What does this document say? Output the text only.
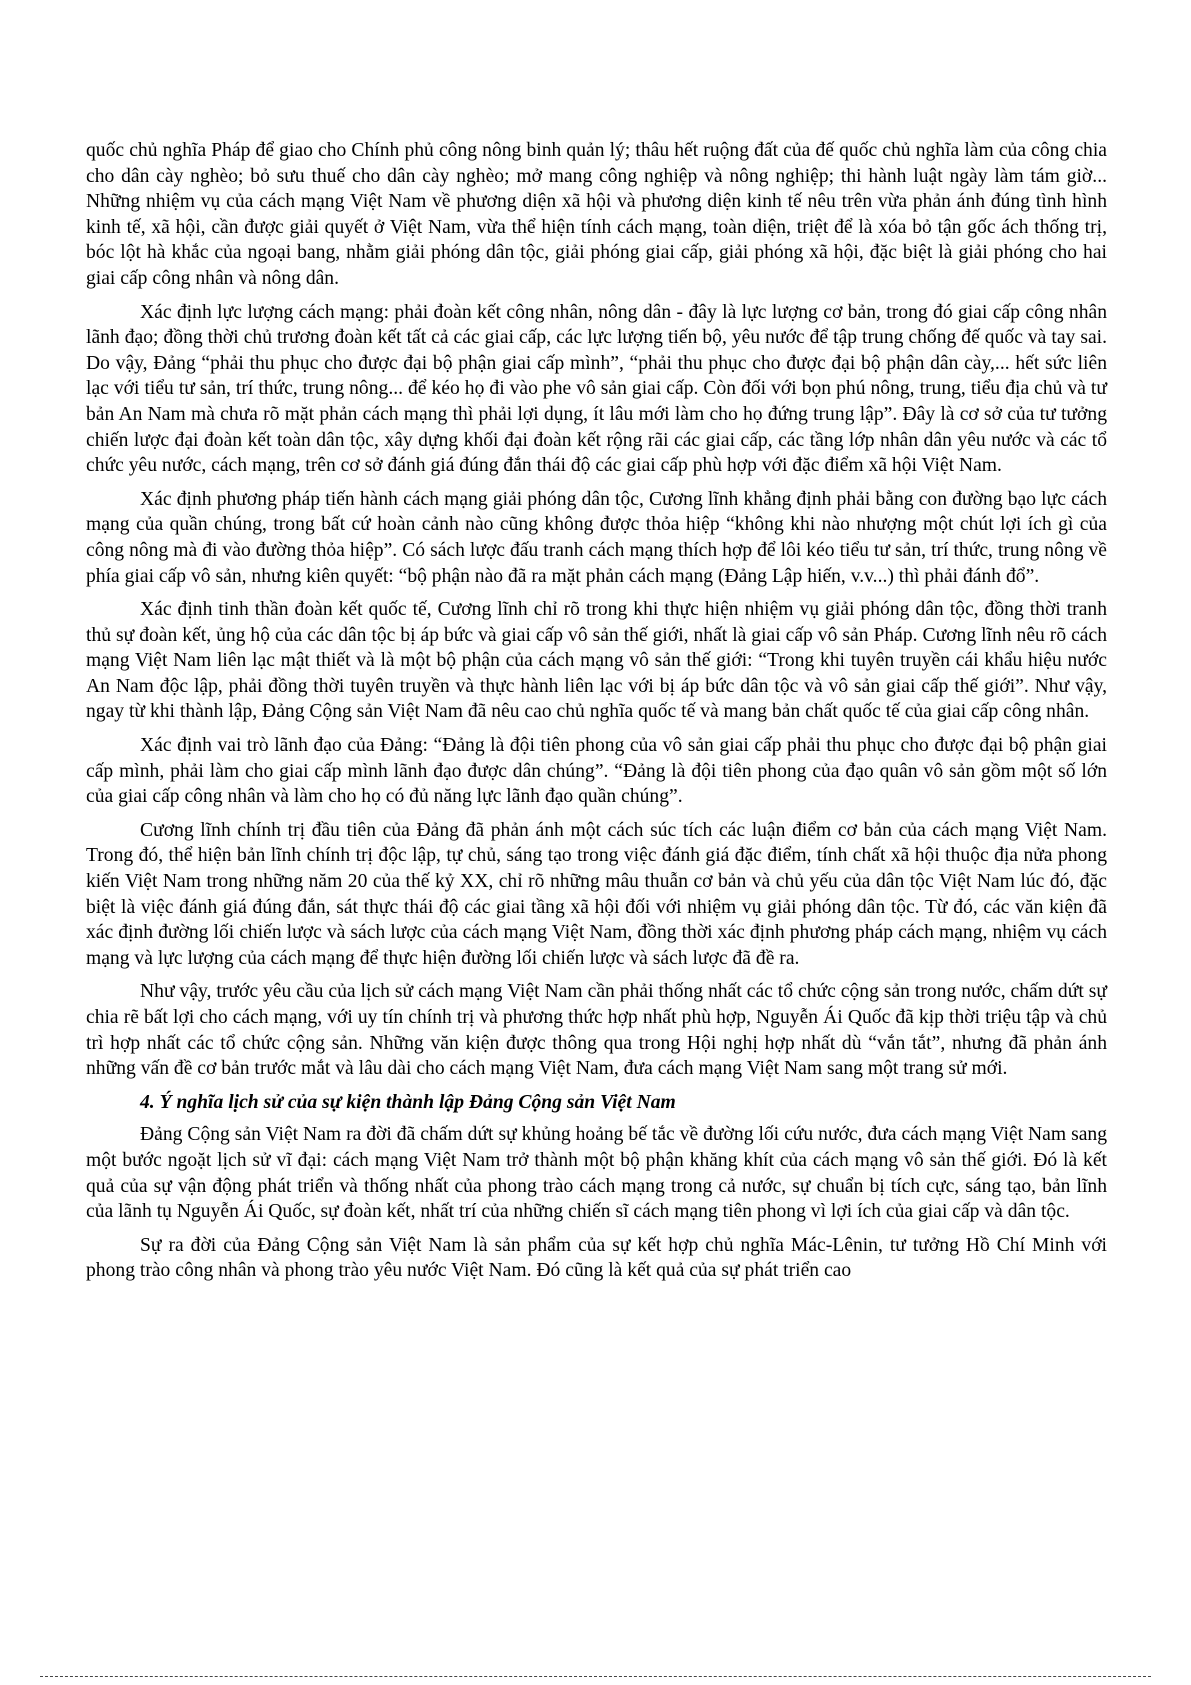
quốc chủ nghĩa Pháp để giao cho Chính phủ công nông binh quản lý; thâu hết ruộng đất của đế quốc chủ nghĩa làm của công chia cho dân cày nghèo; bỏ sưu thuế cho dân cày nghèo; mở mang công nghiệp và nông nghiệp; thi hành luật ngày làm tám giờ... Những nhiệm vụ của cách mạng Việt Nam về phương diện xã hội và phương diện kinh tế nêu trên vừa phản ánh đúng tình hình kinh tế, xã hội, cần được giải quyết ở Việt Nam, vừa thể hiện tính cách mạng, toàn diện, triệt để là xóa bỏ tận gốc ách thống trị, bóc lột hà khắc của ngoại bang, nhằm giải phóng dân tộc, giải phóng giai cấp, giải phóng xã hội, đặc biệt là giải phóng cho hai giai cấp công nhân và nông dân.

Xác định lực lượng cách mạng: phải đoàn kết công nhân, nông dân - đây là lực lượng cơ bản, trong đó giai cấp công nhân lãnh đạo; đồng thời chủ trương đoàn kết tất cả các giai cấp, các lực lượng tiến bộ, yêu nước để tập trung chống đế quốc và tay sai. Do vậy, Đảng “phải thu phục cho được đại bộ phận giai cấp mình”, “phải thu phục cho được đại bộ phận dân cày,... hết sức liên lạc với tiểu tư sản, trí thức, trung nông... để kéo họ đi vào phe vô sản giai cấp. Còn đối với bọn phú nông, trung, tiểu địa chủ và tư bản An Nam mà chưa rõ mặt phản cách mạng thì phải lợi dụng, ít lâu mới làm cho họ đứng trung lập”. Đây là cơ sở của tư tưởng chiến lược đại đoàn kết toàn dân tộc, xây dựng khối đại đoàn kết rộng rãi các giai cấp, các tầng lớp nhân dân yêu nước và các tổ chức yêu nước, cách mạng, trên cơ sở đánh giá đúng đắn thái độ các giai cấp phù hợp với đặc điểm xã hội Việt Nam.

Xác định phương pháp tiến hành cách mạng giải phóng dân tộc, Cương lĩnh khẳng định phải bằng con đường bạo lực cách mạng của quần chúng, trong bất cứ hoàn cảnh nào cũng không được thỏa hiệp “không khi nào nhượng một chút lợi ích gì của công nông mà đi vào đường thỏa hiệp”. Có sách lược đấu tranh cách mạng thích hợp để lôi kéo tiểu tư sản, trí thức, trung nông về phía giai cấp vô sản, nhưng kiên quyết: “bộ phận nào đã ra mặt phản cách mạng (Đảng Lập hiến, v.v...) thì phải đánh đổ”.

Xác định tinh thần đoàn kết quốc tế, Cương lĩnh chỉ rõ trong khi thực hiện nhiệm vụ giải phóng dân tộc, đồng thời tranh thủ sự đoàn kết, ủng hộ của các dân tộc bị áp bức và giai cấp vô sản thế giới, nhất là giai cấp vô sản Pháp. Cương lĩnh nêu rõ cách mạng Việt Nam liên lạc mật thiết và là một bộ phận của cách mạng vô sản thế giới: “Trong khi tuyên truyền cái khẩu hiệu nước An Nam độc lập, phải đồng thời tuyên truyền và thực hành liên lạc với bị áp bức dân tộc và vô sản giai cấp thế giới”. Như vậy, ngay từ khi thành lập, Đảng Cộng sản Việt Nam đã nêu cao chủ nghĩa quốc tế và mang bản chất quốc tế của giai cấp công nhân.

Xác định vai trò lãnh đạo của Đảng: “Đảng là đội tiên phong của vô sản giai cấp phải thu phục cho được đại bộ phận giai cấp mình, phải làm cho giai cấp mình lãnh đạo được dân chúng”. “Đảng là đội tiên phong của đạo quân vô sản gồm một số lớn của giai cấp công nhân và làm cho họ có đủ năng lực lãnh đạo quần chúng”.

Cương lĩnh chính trị đầu tiên của Đảng đã phản ánh một cách súc tích các luận điểm cơ bản của cách mạng Việt Nam. Trong đó, thể hiện bản lĩnh chính trị độc lập, tự chủ, sáng tạo trong việc đánh giá đặc điểm, tính chất xã hội thuộc địa nửa phong kiến Việt Nam trong những năm 20 của thế kỷ XX, chỉ rõ những mâu thuẫn cơ bản và chủ yếu của dân tộc Việt Nam lúc đó, đặc biệt là việc đánh giá đúng đắn, sát thực thái độ các giai tầng xã hội đối với nhiệm vụ giải phóng dân tộc. Từ đó, các văn kiện đã xác định đường lối chiến lược và sách lược của cách mạng Việt Nam, đồng thời xác định phương pháp cách mạng, nhiệm vụ cách mạng và lực lượng của cách mạng để thực hiện đường lối chiến lược và sách lược đã đề ra.

Như vậy, trước yêu cầu của lịch sử cách mạng Việt Nam cần phải thống nhất các tổ chức cộng sản trong nước, chấm dứt sự chia rẽ bất lợi cho cách mạng, với uy tín chính trị và phương thức hợp nhất phù hợp, Nguyễn Ái Quốc đã kịp thời triệu tập và chủ trì hợp nhất các tổ chức cộng sản. Những văn kiện được thông qua trong Hội nghị hợp nhất dù “vắn tắt”, nhưng đã phản ánh những vấn đề cơ bản trước mắt và lâu dài cho cách mạng Việt Nam, đưa cách mạng Việt Nam sang một trang sử mới.

4. Ý nghĩa lịch sử của sự kiện thành lập Đảng Cộng sản Việt Nam

Đảng Cộng sản Việt Nam ra đời đã chấm dứt sự khủng hoảng bế tắc về đường lối cứu nước, đưa cách mạng Việt Nam sang một bước ngoặt lịch sử vĩ đại: cách mạng Việt Nam trở thành một bộ phận khăng khít của cách mạng vô sản thế giới. Đó là kết quả của sự vận động phát triển và thống nhất của phong trào cách mạng trong cả nước, sự chuẩn bị tích cực, sáng tạo, bản lĩnh của lãnh tụ Nguyễn Ái Quốc, sự đoàn kết, nhất trí của những chiến sĩ cách mạng tiên phong vì lợi ích của giai cấp và dân tộc.

Sự ra đời của Đảng Cộng sản Việt Nam là sản phẩm của sự kết hợp chủ nghĩa Mác-Lênin, tư tưởng Hồ Chí Minh với phong trào công nhân và phong trào yêu nước Việt Nam. Đó cũng là kết quả của sự phát triển cao
